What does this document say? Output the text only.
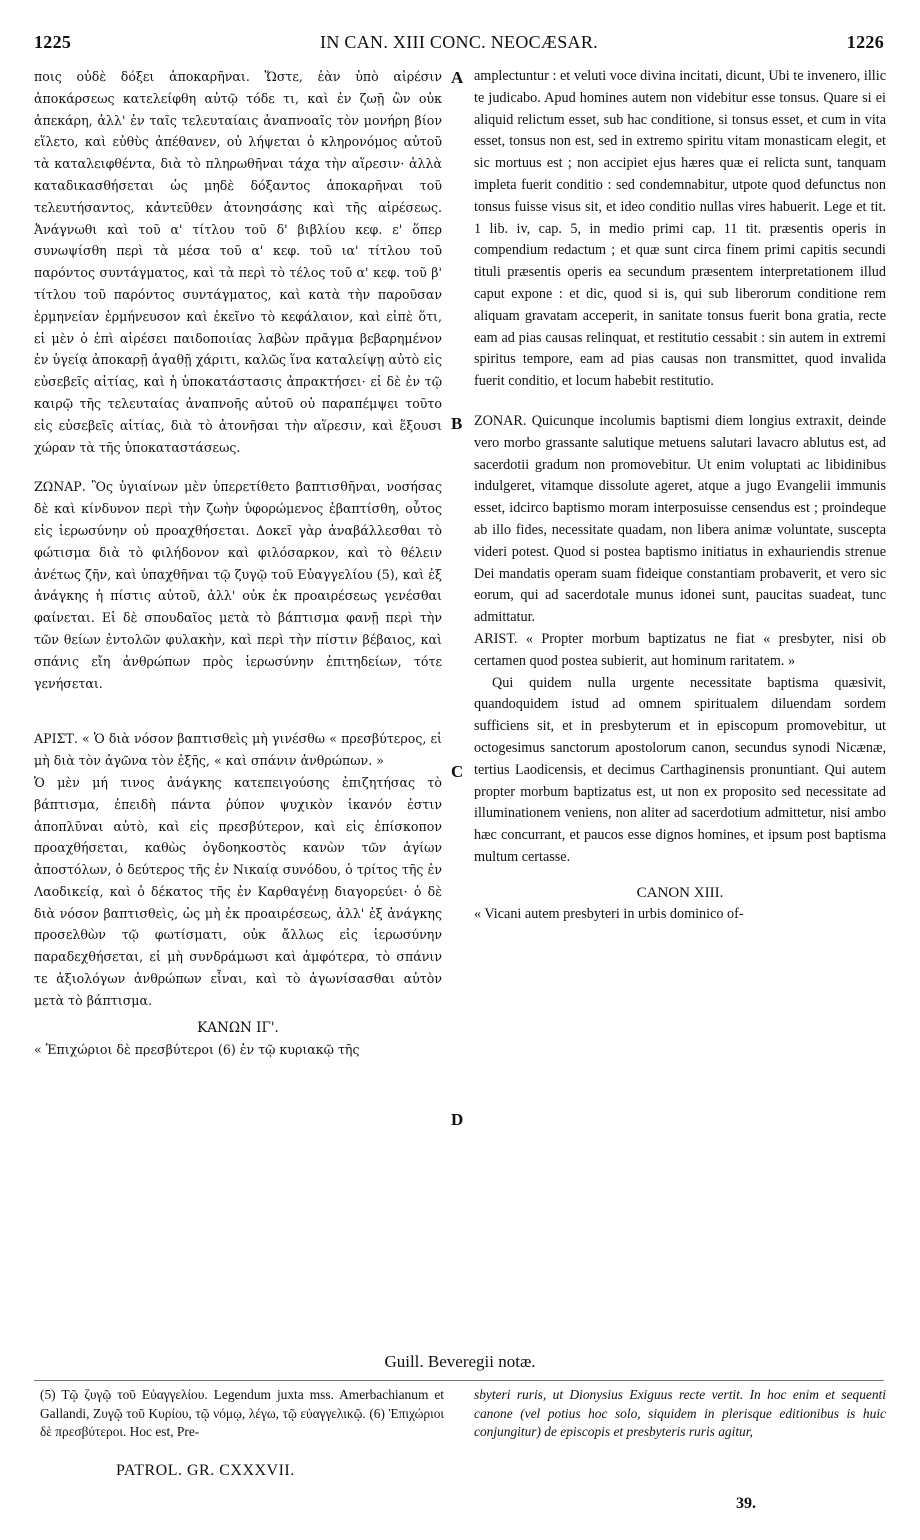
1225	IN CAN. XIII CONC. NEOCÆSAR.	1226

ποις οὐδὲ δόξει ἀποκαρῆναι. Ὥστε, ἐὰν ὑπὸ αἱρέσιν ἀποκάρσεως κατελείφθη αὐτῷ τόδε τι, καὶ ἐν ζωῇ ὢν οὐκ ἀπεκάρη, ἀλλ' ἐν ταῖς τελευταίαις ἀναπνοαῖς τὸν μονήρη βίον εἵλετο, καὶ εὐθὺς ἀπέθανεν, οὐ λήψεται ὁ κληρονόμος αὐτοῦ τὰ καταλειφθέντα, διὰ τὸ πληρωθῆναι τάχα τὴν αἵρεσιν· ἀλλὰ καταδικασθήσεται ὡς μηδὲ δόξαντος ἀποκαρῆναι τοῦ τελευτήσαντος, κἀντεῦθεν ἀτονησάσης καὶ τῆς αἱρέσεως. Ἀνάγνωθι καὶ τοῦ α' τίτλου τοῦ δ' βιβλίου κεφ. ε' ὅπερ συνωψίσθη περὶ τὰ μέσα τοῦ α' κεφ. τοῦ ια' τίτλου τοῦ παρόντος συντάγματος, καὶ τὰ περὶ τὸ τέλος τοῦ α' κεφ. τοῦ β' τίτλου τοῦ παρόντος συντάγματος, καὶ κατὰ τὴν παροῦσαν ἑρμηνείαν ἑρμήνευσον καὶ ἐκεῖνο τὸ κεφάλαιον, καὶ εἰπὲ ὅτι, εἰ μὲν ὁ ἐπὶ αἱρέσει παιδοποιίας λαβὼν πρᾶγμα βεβαρημένον ἐν ὑγείᾳ ἀποκαρῇ ἀγαθῇ χάριτι, καλῶς ἵνα καταλείψῃ αὐτὸ εἰς εὐσεβεῖς αἰτίας, καὶ ἡ ὑποκατάστασις ἀπρακτήσει· εἰ δὲ ἐν τῷ καιρῷ τῆς τελευταίας ἀναπνοῆς αὐτοῦ οὐ παραπέμψει τοῦτο εἰς εὐσεβεῖς αἰτίας, διὰ τὸ ἀτονῆσαι τὴν αἵρεσιν, καὶ ἕξουσι χώραν τὰ τῆς ὑποκαταστάσεως.

ΖΩΝΑΡ. Ὃς ὑγιαίνων μὲν ὑπερετίθετο βαπτισθῆναι, νοσήσας δὲ καὶ κίνδυνον περὶ τὴν ζωὴν ὑφορώμενος ἐβαπτίσθη, οὗτος εἰς ἱερωσύνην οὐ προαχθήσεται. Δοκεῖ γὰρ ἀναβάλλεσθαι τὸ φώτισμα διὰ τὸ φιλήδονον καὶ φιλόσαρκον, καὶ τὸ θέλειν ἀνέτως ζῆν, καὶ ὑπαχθῆναι τῷ ζυγῷ τοῦ Εὐαγγελίου (5), καὶ ἐξ ἀνάγκης ἡ πίστις αὐτοῦ, ἀλλ' οὐκ ἐκ προαιρέσεως γενέσθαι φαίνεται. Εἰ δὲ σπουδαῖος μετὰ τὸ βάπτισμα φανῇ περὶ τὴν τῶν θείων ἐντολῶν φυλακὴν, καὶ περὶ τὴν πίστιν βέβαιος, καὶ σπάνις εἴη ἀνθρώπων πρὸς ἱερωσύνην ἐπιτηδείων, τότε γενήσεται.

ΑΡΙΣΤ. « Ὁ διὰ νόσον βαπτισθεὶς μὴ γινέσθω « πρεσβύτερος, εἰ μὴ διὰ τὸν ἀγῶνα τὸν ἐξῆς, « καὶ σπάνιν ἀνθρώπων. »

Ὁ μὲν μή τινος ἀνάγκης κατεπειγούσης ἐπιζητήσας τὸ βάπτισμα, ἐπειδὴ πάντα ῥύπον ψυχικὸν ἱκανόν ἐστιν ἀποπλῦναι αὐτὸ, καὶ εἰς πρεσβύτερον, καὶ εἰς ἐπίσκοπον προαχθήσεται, καθὼς ὀγδοηκοστὸς κανὼν τῶν ἁγίων ἀποστόλων, ὁ δεύτερος τῆς ἐν Νικαίᾳ συνόδου, ὁ τρίτος τῆς ἐν Λαοδικείᾳ, καὶ ὁ δέκατος τῆς ἐν Καρθαγένῃ διαγορεύει· ὁ δὲ διὰ νόσον βαπτισθεὶς, ὡς μὴ ἐκ προαιρέσεως, ἀλλ' ἐξ ἀνάγκης προσελθὼν τῷ φωτίσματι, οὐκ ἄλλως εἰς ἱερωσύνην παραδεχθήσεται, εἰ μὴ συνδράμωσι καὶ ἀμφότερα, τὸ σπάνιν τε ἀξιολόγων ἀνθρώπων εἶναι, καὶ τὸ ἀγωνίσασθαι αὐτὸν μετὰ τὸ βάπτισμα.

ΚΑΝΩΝ ΙΓ'.

« Ἐπιχώριοι δὲ πρεσβύτεροι (6) ἐν τῷ κυριακῷ τῆς

A
B
C
D

amplectuntur : et veluti voce divina incitati, dicunt, Ubi te invenero, illic te judicabo. Apud homines autem non videbitur esse tonsus. Quare si ei aliquid relictum esset, sub hac conditione, si tonsus esset, et cum in vita esset, tonsus non est, sed in extremo spiritu vitam monasticam elegit, et sic mortuus est ; non accipiet ejus hæres quæ ei relicta sunt, tanquam impleta fuerit conditio : sed condemnabitur, utpote quod defunctus non tonsus fuisse visus sit, et ideo conditio nullas vires habuerit. Lege et tit. 1 lib. iv, cap. 5, in medio primi cap. 11 tit. præsentis operis in compendium redactum ; et quæ sunt circa finem primi capitis secundi tituli præsentis operis ea secundum præsentem interpretationem illud caput expone : et dic, quod si is, qui sub liberorum conditione rem aliquam gravatam acceperit, in sanitate tonsus fuerit bona gratia, recte eam ad pias causas relinquat, et restitutio cessabit : sin autem in extremi spiritus tempore, eam ad pias causas non transmittet, quod invalida fuerit conditio, et locum habebit restitutio.

ZONAR. Quicunque incolumis baptismi diem longius extraxit, deinde vero morbo grassante salutique metuens salutari lavacro ablutus est, ad sacerdotii gradum non promovebitur. Ut enim voluptati ac libidinibus indulgeret, vitamque dissolute ageret, atque a jugo Evangelii immunis esset, idcirco baptismo moram interposuisse censendus est ; proindeque ab illo fides, necessitate quadam, non libera animæ voluntate, suscepta videri potest. Quod si postea baptismo initiatus in exhauriendis strenue Dei mandatis operam suam fideique constantiam probaverit, et vero sic eorum, qui ad sacerdotale munus idonei sunt, paucitas suadeat, tunc admittatur.

ARIST. « Propter morbum baptizatus ne fiat « presbyter, nisi ob certamen quod postea subierit, aut hominum raritatem. »

Qui quidem nulla urgente necessitate baptisma quæsivit, quandoquidem istud ad omnem spiritualem diluendam sordem sufficiens sit, et in presbyterum et in episcopum promovebitur, ut octogesimus sanctorum apostolorum canon, secundus synodi Nicænæ, tertius Laodicensis, et decimus Carthaginensis pronuntiant. Qui autem propter morbum baptizatus est, ut non ex proposito sed necessitate ad illuminationem veniens, non aliter ad sacerdotium admittetur, nisi ambo hæc concurrant, et paucos esse dignos homines, et ipsum post baptisma multum certasse.

CANON XIII.

« Vicani autem presbyteri in urbis dominico of-

Guill. Beveregii notæ.

(5) Τῷ ζυγῷ τοῦ Εὐαγγελίου. Legendum juxta mss. Amerbachianum et Gallandi, Ζυγῷ τοῦ Κυρίου, τῷ νόμῳ, λέγω, τῷ εὐαγγελικῷ. (6) Ἐπιχώριοι δὲ πρεσβύτεροι. Hoc est, Pre-

sbyteri ruris, ut Dionysius Exiguus recte vertit. In hoc enim et sequenti canone (vel potius hoc solo, siquidem in plerisque editionibus is huic conjungitur) de episcopis et presbyteris ruris agitur,

PATROL. GR. CXXXVII.
39.
